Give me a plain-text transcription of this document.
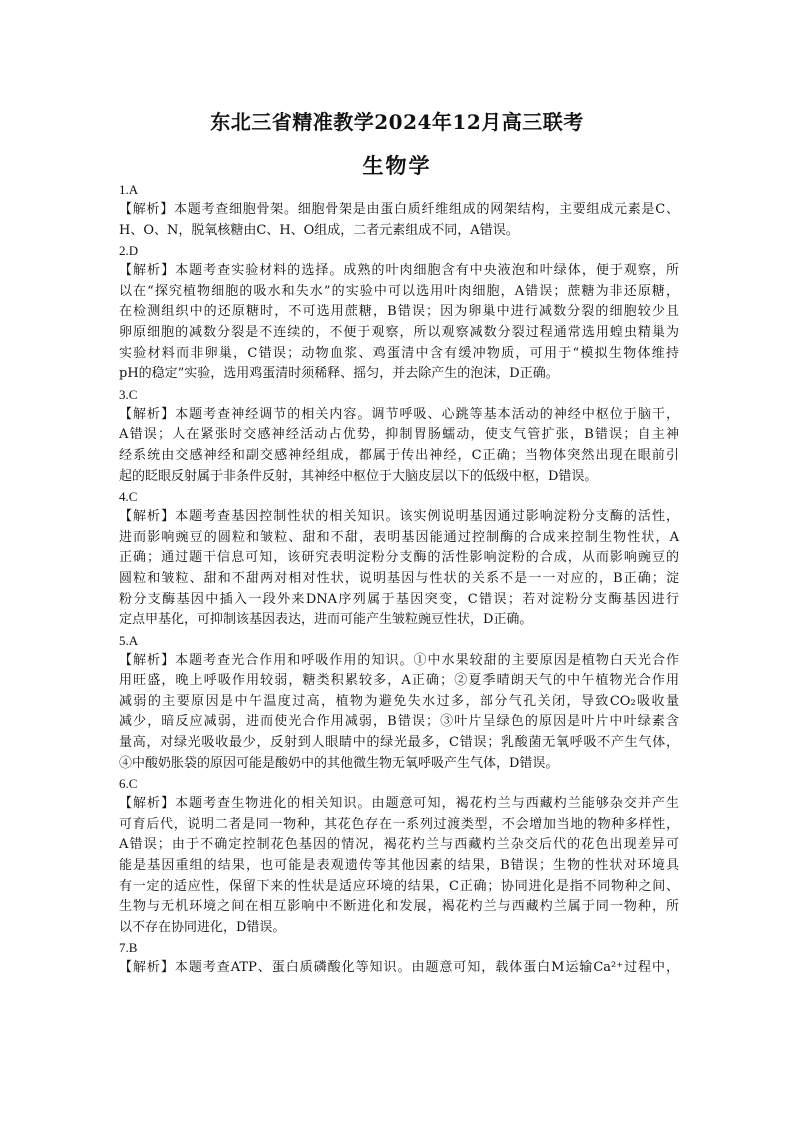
东北三省精准教学2024年12月高三联考
生物学
1.A
【解析】本题考查细胞骨架。细胞骨架是由蛋白质纤维组成的网架结构，主要组成元素是C、
H、O、N，脱氧核糖由C、H、O组成，二者元素组成不同，A错误。
2.D
【解析】本题考查实验材料的选择。成熟的叶肉细胞含有中央液泡和叶绿体，便于观察，所
以在“探究植物细胞的吸水和失水”的实验中可以选用叶肉细胞，A错误；蔗糖为非还原糖，
在检测组织中的还原糖时，不可选用蔗糖，B错误；因为卵巢中进行减数分裂的细胞较少且
卵原细胞的减数分裂是不连续的，不便于观察，所以观察减数分裂过程通常选用蝗虫精巢为
实验材料而非卵巢，C错误；动物血浆、鸡蛋清中含有缓冲物质，可用于“模拟生物体维持
pH的稳定”实验，选用鸡蛋清时须稀释、摇匀，并去除产生的泡沫，D正确。
3.C
【解析】本题考查神经调节的相关内容。调节呼吸、心跳等基本活动的神经中枢位于脑干，
A错误；人在紧张时交感神经活动占优势，抑制胃肠蠕动，使支气管扩张，B错误；自主神
经系统由交感神经和副交感神经组成，都属于传出神经，C正确；当物体突然出现在眼前引
起的眨眼反射属于非条件反射，其神经中枢位于大脑皮层以下的低级中枢，D错误。
4.C
【解析】本题考查基因控制性状的相关知识。该实例说明基因通过影响淀粉分支酶的活性，
进而影响豌豆的圆粒和皱粒、甜和不甜，表明基因能通过控制酶的合成来控制生物性状，A
正确；通过题干信息可知，该研究表明淀粉分支酶的活性影响淀粉的合成，从而影响豌豆的
圆粒和皱粒、甜和不甜两对相对性状，说明基因与性状的关系不是一一对应的，B正确；淀
粉分支酶基因中插入一段外来DNA序列属于基因突变，C错误；若对淀粉分支酶基因进行
定点甲基化，可抑制该基因表达，进而可能产生皱粒豌豆性状，D正确。
5.A
【解析】本题考查光合作用和呼吸作用的知识。①中水果较甜的主要原因是植物白天光合作
用旺盛，晚上呼吸作用较弱，糖类积累较多，A正确；②夏季晴朗天气的中午植物光合作用
减弱的主要原因是中午温度过高，植物为避免失水过多，部分气孔关闭，导致CO₂吸收量
减少，暗反应减弱，进而使光合作用减弱，B错误；③叶片呈绿色的原因是叶片中叶绿素含
量高，对绿光吸收最少，反射到人眼睛中的绿光最多，C错误；乳酸菌无氧呼吸不产生气体，
④中酸奶胀袋的原因可能是酸奶中的其他微生物无氧呼吸产生气体，D错误。
6.C
【解析】本题考查生物进化的相关知识。由题意可知，褐花杓兰与西藏杓兰能够杂交并产生
可育后代，说明二者是同一物种，其花色存在一系列过渡类型，不会增加当地的物种多样性，
A错误；由于不确定控制花色基因的情况，褐花杓兰与西藏杓兰杂交后代的花色出现差异可
能是基因重组的结果，也可能是表观遗传等其他因素的结果，B错误；生物的性状对环境具
有一定的适应性，保留下来的性状是适应环境的结果，C正确；协同进化是指不同物种之间、
生物与无机环境之间在相互影响中不断进化和发展，褐花杓兰与西藏杓兰属于同一物种，所
以不存在协同进化，D错误。
7.B
【解析】本题考查ATP、蛋白质磷酸化等知识。由题意可知，载体蛋白M运输Ca²⁺过程中，
